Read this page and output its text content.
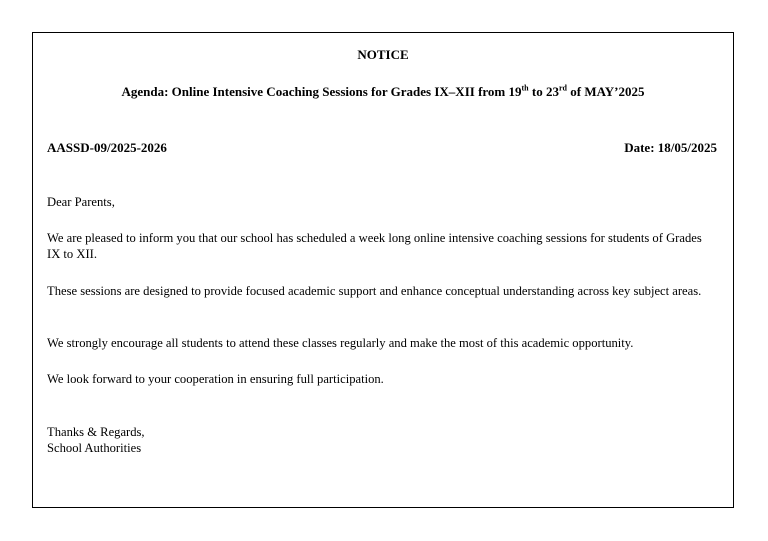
NOTICE
Agenda: Online Intensive Coaching Sessions for Grades IX–XII from 19th to 23rd of MAY’2025
AASSD-09/2025-2026	Date: 18/05/2025
Dear Parents,
We are pleased to inform you that our school has scheduled a week long online intensive coaching sessions for students of Grades IX to XII.
These sessions are designed to provide focused academic support and enhance conceptual understanding across key subject areas.
We strongly encourage all students to attend these classes regularly and make the most of this academic opportunity.
We look forward to your cooperation in ensuring full participation.
Thanks & Regards,
School Authorities
